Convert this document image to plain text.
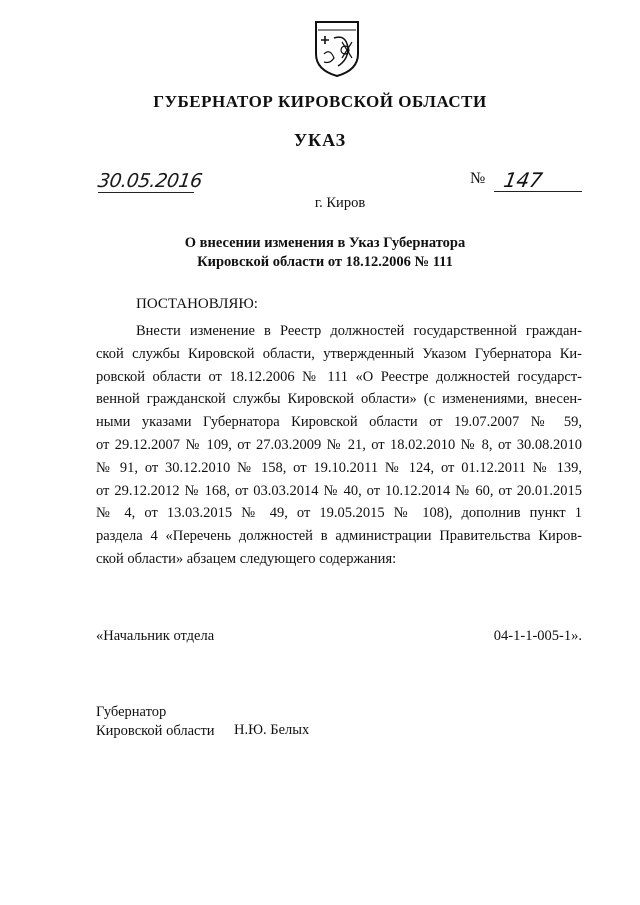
ГУБЕРНАТОР КИРОВСКОЙ ОБЛАСТИ
УКАЗ
30.05.2016	№ 147
г. Киров
О внесении изменения в Указ Губернатора
Кировской области от 18.12.2006 № 111
ПОСТАНОВЛЯЮ:
Внести изменение в Реестр должностей государственной граждан-
ской службы Кировской области, утвержденный Указом Губернатора Ки-
ровской области от 18.12.2006 № 111 «О Реестре должностей государст-
венной гражданской службы Кировской области» (с изменениями, внесен-
ными указами Губернатора Кировской области от 19.07.2007 № 59,
от 29.12.2007 № 109, от 27.03.2009 № 21, от 18.02.2010 № 8, от 30.08.2010
№ 91, от 30.12.2010 № 158, от 19.10.2011 № 124, от 01.12.2011 № 139,
от 29.12.2012 № 168, от 03.03.2014 № 40, от 10.12.2014 № 60, от 20.01.2015
№ 4, от 13.03.2015 № 49, от 19.05.2015 № 108), дополнив пункт 1
раздела 4 «Перечень должностей в администрации Правительства Киров-
ской области» абзацем следующего содержания:
«Начальник отдела	04-1-1-005-1».
Губернатор
Кировской области Н.Ю. Белых
